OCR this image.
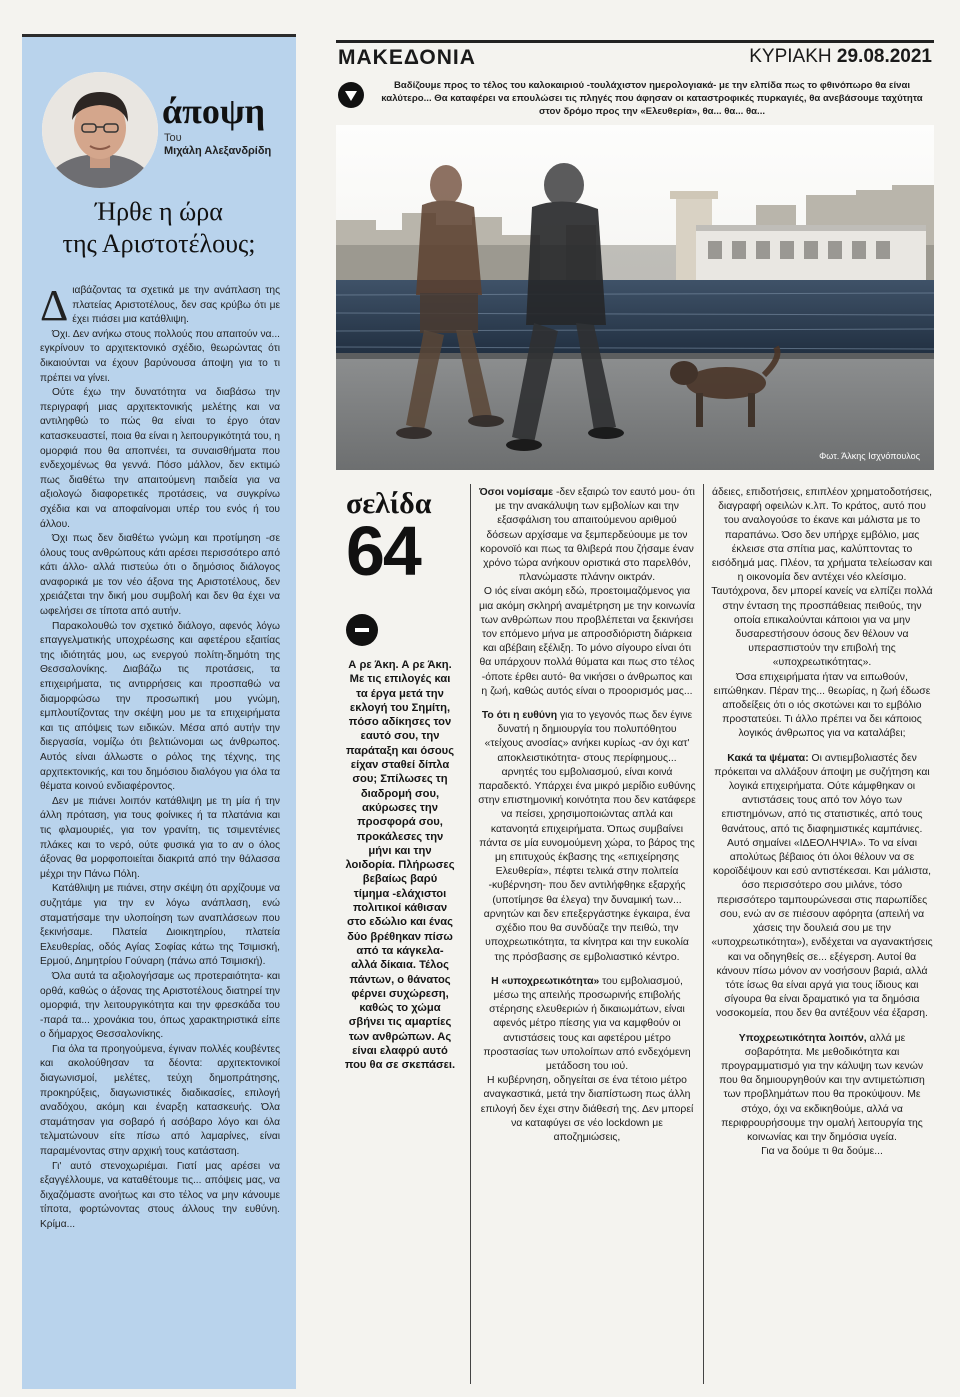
άποψη
Του
Μιχάλη Αλεξανδρίδη
Ήρθε η ώρα
της Αριστοτέλους;

Διαβάζοντας τα σχετικά με την ανάπλαση της πλατείας Αριστοτέλους, δεν σας κρύβω ότι με έχει πιάσει μια κατάθλιψη.

Όχι. Δεν ανήκω στους πολλούς που απαιτούν να... εγκρίνουν το αρχιτεκτονικό σχέδιο, θεωρώντας ότι δικαιούνται να έχουν βαρύνουσα άποψη για το τι πρέπει να γίνει.

Ούτε έχω την δυνατότητα να διαβάσω την περιγραφή μιας αρχιτεκτονικής μελέτης και να αντιληφθώ το πώς θα είναι το έργο όταν κατασκευαστεί, ποια θα είναι η λειτουργικότητά του, η ομορφιά που θα αποπνέει, τα συναισθήματα που ενδεχομένως θα γεννά. Πόσο μάλλον, δεν εκτιμώ πως διαθέτω την απαιτούμενη παιδεία για να αξιολογώ διαφορετικές προτάσεις, να συγκρίνω σχέδια και να αποφαίνομαι υπέρ του ενός ή του άλλου.

Όχι πως δεν διαθέτω γνώμη και προτίμηση -σε όλους τους ανθρώπους κάτι αρέσει περισσότερο από κάτι άλλο- αλλά πιστεύω ότι ο δημόσιος διάλογος αναφορικά με τον νέο άξονα της Αριστοτέλους, δεν χρειάζεται την δική μου συμβολή και δεν θα έχει να ωφελήσει σε τίποτα από αυτήν.

Παρακολουθώ τον σχετικό διάλογο, αφενός λόγω επαγγελματικής υποχρέωσης και αφετέρου εξαιτίας της ιδιότητάς μου, ως ενεργού πολίτη-δημότη της Θεσσαλονίκης. Διαβάζω τις προτάσεις, τα επιχειρήματα, τις αντιρρήσεις και προσπαθώ να διαμορφώσω την προσωπική μου γνώμη, εμπλουτίζοντας την σκέψη μου με τα επιχειρήματα και τις απόψεις των ειδικών. Μέσα από αυτήν την διεργασία, νομίζω ότι βελτιώνομαι ως άνθρωπος. Αυτός είναι άλλωστε ο ρόλος της τέχνης, της αρχιτεκτονικής, και του δημόσιου διαλόγου για όλα τα θέματα κοινού ενδιαφέροντος.

Δεν με πιάνει λοιπόν κατάθλιψη με τη μία ή την άλλη πρόταση, για τους φοίνικες ή τα πλατάνια και τις φλαμουριές, για τον γρανίτη, τις τσιμεντένιες πλάκες και το νερό, ούτε φυσικά για το αν ο όλος άξονας θα μορφοποιείται διακριτά από την θάλασσα μέχρι την Πάνω Πόλη.

Κατάθλιψη με πιάνει, στην σκέψη ότι αρχίζουμε να συζητάμε για την εν λόγω ανάπλαση, ενώ σταματήσαμε την υλοποίηση των αναπλάσεων που ξεκινήσαμε. Πλατεία Διοικητηρίου, πλατεία Ελευθερίας, οδός Αγίας Σοφίας κάτω της Τσιμισκή, Ερμού, Δημητρίου Γούναρη (πάνω από Τσιμισκή).

Όλα αυτά τα αξιολογήσαμε ως προτεραιότητα- και ορθά, καθώς ο άξονας της Αριστοτέλους διατηρεί την ομορφιά, την λειτουργικότητα και την φρεσκάδα του -παρά τα... χρονάκια του, όπως χαρακτηριστικά είπε ο δήμαρχος Θεσσαλονίκης.

Για όλα τα προηγούμενα, έγιναν πολλές κουβέντες και ακολούθησαν τα δέοντα: αρχιτεκτονικοί διαγωνισμοί, μελέτες, τεύχη δημοπράτησης, προκηρύξεις, διαγωνιστικές διαδικασίες, επιλογή αναδόχου, ακόμη και έναρξη κατασκευής. Όλα σταμάτησαν για σοβαρό ή ασόβαρο λόγο και όλα τελματώνουν είτε πίσω από λαμαρίνες, είναι παραμένοντας στην αρχική τους κατάσταση.

Γι' αυτό στενοχωριέμαι. Γιατί μας αρέσει να εξαγγέλλουμε, να καταθέτουμε τις... απόψεις μας, να διχαζόμαστε ανοήτως και στο τέλος να μην κάνουμε τίποτα, φορτώνοντας στους άλλους την ευθύνη. Κρίμα...

ΜΑΚΕΔΟΝΙΑ	ΚΥΡΙΑΚΗ 29.08.2021
Βαδίζουμε προς το τέλος του καλοκαιριού -τουλάχιστον ημερολογιακά- με την ελπίδα πως το φθινόπωρο θα είναι καλύτερο... Θα καταφέρει να επουλώσει τις πληγές που άφησαν οι καταστροφικές πυρκαγιές, θα ανεβάσουμε ταχύτητα στον δρόμο προς την «Ελευθερία», θα... θα... θα...
Φωτ. Άλκης Ισχνόπουλος
σελίδα
64
Α ρε Άκη. Α ρε Άκη. Με τις επιλογές και τα έργα μετά την εκλογή του Σημίτη, πόσο αδίκησες τον εαυτό σου, την παράταξη και όσους είχαν σταθεί δίπλα σου; Σπίλωσες τη διαδρομή σου, ακύρωσες την προσφορά σου, προκάλεσες την μήνι και την λοιδορία. Πλήρωσες βεβαίως βαρύ τίμημα -ελάχιστοι πολιτικοί κάθισαν στο εδώλιο και ένας δύο βρέθηκαν πίσω από τα κάγκελα- αλλά δίκαια. Τέλος πάντων, ο θάνατος φέρνει συχώρεση, καθώς το χώμα σβήνει τις αμαρτίες των ανθρώπων. Ας είναι ελαφρύ αυτό που θα σε σκεπάσει.

Όσοι νομίσαμε -δεν εξαιρώ τον εαυτό μου- ότι με την ανακάλυψη των εμβολίων και την εξασφάλιση του απαιτούμενου αριθμού δόσεων αρχίσαμε να ξεμπερδεύουμε με τον κορονοϊό και πως τα θλιβερά που ζήσαμε έναν χρόνο τώρα ανήκουν οριστικά στο παρελθόν, πλανώμαστε πλάνην οικτράν.

Ο ιός είναι ακόμη εδώ, προετοιμαζόμενος για μια ακόμη σκληρή αναμέτρηση με την κοινωνία των ανθρώπων που προβλέπεται να ξεκινήσει τον επόμενο μήνα με απροσδιόριστη διάρκεια και αβέβαιη εξέλιξη. Το μόνο σίγουρο είναι ότι θα υπάρχουν πολλά θύματα και πως στο τέλος -όποτε έρθει αυτό- θα νικήσει ο άνθρωπος και η ζωή, καθώς αυτός είναι ο προορισμός μας...

Το ότι η ευθύνη για το γεγονός πως δεν έγινε δυνατή η δημιουργία του πολυπόθητου «τείχους ανοσίας» ανήκει κυρίως -αν όχι κατ' αποκλειστικότητα- στους περίφημους... αρνητές του εμβολιασμού, είναι κοινά παραδεκτό. Υπάρχει ένα μικρό μερίδιο ευθύνης στην επιστημονική κοινότητα που δεν κατάφερε να πείσει, χρησιμοποιώντας απλά και κατανοητά επιχειρήματα. Όπως συμβαίνει πάντα σε μία ευνομούμενη χώρα, το βάρος της μη επιτυχούς έκβασης της «επιχείρησης Ελευθερία», πέφτει τελικά στην πολιτεία -κυβέρνηση- που δεν αντιλήφθηκε εξαρχής (υποτίμησε θα έλεγα) την δυναμική των... αρνητών και δεν επεξεργάστηκε έγκαιρα, ένα σχέδιο που θα συνδύαζε την πειθώ, την υποχρεωτικότητα, τα κίνητρα και την ευκολία της πρόσβασης σε εμβολιαστικό κέντρο.

Η «υποχρεωτικότητα» του εμβολιασμού, μέσω της απειλής προσωρινής επιβολής στέρησης ελευθεριών ή δικαιωμάτων, είναι αφενός μέτρο πίεσης για να καμφθούν οι αντιστάσεις τους και αφετέρου μέτρο προστασίας των υπολοίπων από ενδεχόμενη μετάδοση του ιού.

Η κυβέρνηση, οδηγείται σε ένα τέτοιο μέτρο αναγκαστικά, μετά την διαπίστωση πως άλλη επιλογή δεν έχει στην διάθεσή της. Δεν μπορεί να καταφύγει σε νέο lockdown με αποζημιώσεις,

άδειες, επιδοτήσεις, επιπλέον χρηματοδοτήσεις, διαγραφή οφειλών κ.λπ. Το κράτος, αυτό που του αναλογούσε το έκανε και μάλιστα με το παραπάνω. Όσο δεν υπήρχε εμβόλιο, μας έκλεισε στα σπίτια μας, καλύπτοντας το εισόδημά μας. Πλέον, τα χρήματα τελείωσαν και η οικονομία δεν αντέχει νέο κλείσιμο. Ταυτόχρονα, δεν μπορεί κανείς να ελπίζει πολλά στην ένταση της προσπάθειας πειθούς, την οποία επικαλούνται κάποιοι για να μην δυσαρεστήσουν όσους δεν θέλουν να υπερασπιστούν την επιβολή της «υποχρεωτικότητας».

Όσα επιχειρήματα ήταν να ειπωθούν, ειπώθηκαν. Πέραν της... θεωρίας, η ζωή έδωσε αποδείξεις ότι ο ιός σκοτώνει και το εμβόλιο προστατεύει. Τι άλλο πρέπει να δει κάποιος λογικός άνθρωπος για να καταλάβει;

Κακά τα ψέματα: Οι αντιεμβολιαστές δεν πρόκειται να αλλάξουν άποψη με συζήτηση και λογικά επιχειρήματα. Ούτε κάμφθηκαν οι αντιστάσεις τους από τον λόγο των επιστημόνων, από τις στατιστικές, από τους θανάτους, από τις διαφημιστικές καμπάνιες. Αυτό σημαίνει «ΙΔΕΟΛΗΨΙΑ». Το να είναι απολύτως βέβαιος ότι όλοι θέλουν να σε κοροϊδέψουν και εσύ αντιστέκεσαι. Και μάλιστα, όσο περισσότερο σου μιλάνε, τόσο περισσότερο ταμπουρώνεσαι στις παρωπίδες σου, ενώ αν σε πιέσουν αφόρητα (απειλή να χάσεις την δουλειά σου με την «υποχρεωτικότητα»), ενδέχεται να αγανακτήσεις και να οδηγηθείς σε... εξέγερση. Αυτοί θα κάνουν πίσω μόνον αν νοσήσουν βαριά, αλλά τότε ίσως θα είναι αργά για τους ίδιους και σίγουρα θα είναι δραματικό για τα δημόσια νοσοκομεία, που δεν θα αντέξουν νέα έξαρση.

Υποχρεωτικότητα λοιπόν, αλλά με σοβαρότητα. Με μεθοδικότητα και προγραμματισμό για την κάλυψη των κενών που θα δημιουργηθούν και την αντιμετώπιση των προβλημάτων που θα προκύψουν. Με στόχο, όχι να εκδικηθούμε, αλλά να περιφρουρήσουμε την ομαλή λειτουργία της κοινωνίας και την δημόσια υγεία.

Για να δούμε τι θα δούμε...
